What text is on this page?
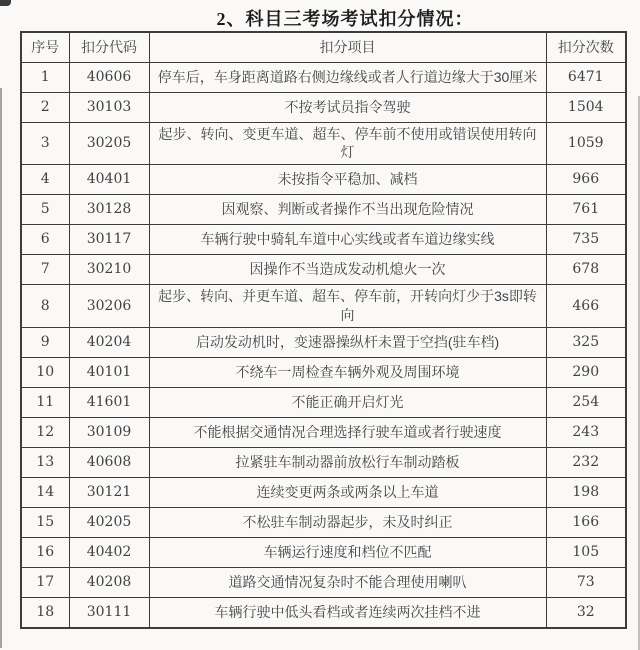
2、科目三考场考试扣分情况：
序号	扣分代码	扣分项目	扣分次数
1	40606	停车后，车身距离道路右侧边缘线或者人行道边缘大于30厘米	6471
2	30103	不按考试员指令驾驶	1504
3	30205	起步、转向、变更车道、超车、停车前不使用或错误使用转向灯	1059
4	40401	未按指令平稳加、减档	966
5	30128	因观察、判断或者操作不当出现危险情况	761
6	30117	车辆行驶中骑轧车道中心实线或者车道边缘实线	735
7	30210	因操作不当造成发动机熄火一次	678
8	30206	起步、转向、并更车道、超车、停车前，开转向灯少于3s即转向	466
9	40204	启动发动机时，变速器操纵杆未置于空挡(驻车档)	325
10	40101	不绕车一周检查车辆外观及周围环境	290
11	41601	不能正确开启灯光	254
12	30109	不能根据交通情况合理选择行驶车道或者行驶速度	243
13	40608	拉紧驻车制动器前放松行车制动踏板	232
14	30121	连续变更两条或两条以上车道	198
15	40205	不松驻车制动器起步，未及时纠正	166
16	40402	车辆运行速度和档位不匹配	105
17	40208	道路交通情况复杂时不能合理使用喇叭	73
18	30111	车辆行驶中低头看档或者连续两次挂档不进	32
